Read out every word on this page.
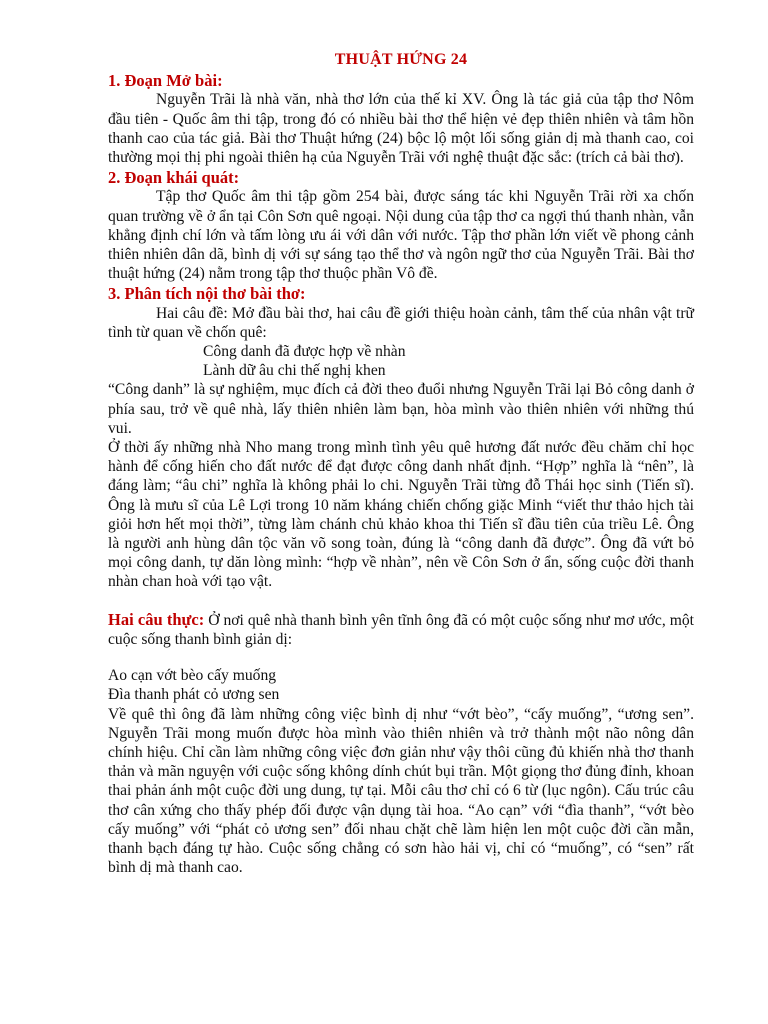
THUẬT HỨNG 24
1. Đoạn Mở bài:

Nguyễn Trãi là nhà văn, nhà thơ lớn của thế kỉ XV. Ông là tác giả của tập thơ Nôm đầu tiên - Quốc âm thi tập, trong đó có nhiều bài thơ thể hiện vẻ đẹp thiên nhiên và tâm hồn thanh cao của tác giả. Bài thơ Thuật hứng (24) bộc lộ một lối sống giản dị mà thanh cao, coi thường mọi thị phi ngoài thiên hạ của Nguyễn Trãi với nghệ thuật đặc sắc: (trích cả bài thơ).

2. Đoạn khái quát:

Tập thơ Quốc âm thi tập gồm 254 bài, được sáng tác khi Nguyễn Trãi rời xa chốn quan trường về ở ẩn tại Côn Sơn quê ngoại. Nội dung của tập thơ ca ngợi thú thanh nhàn, vẫn khẳng định chí lớn và tấm lòng ưu ái với dân với nước. Tập thơ phần lớn viết về phong cảnh thiên nhiên dân dã, bình dị với sự sáng tạo thể thơ và ngôn ngữ thơ của Nguyễn Trãi. Bài thơ thuật hứng (24) nằm trong tập thơ thuộc phần Vô đề.

3. Phân tích nội thơ bài thơ:

Hai câu đề: Mở đầu bài thơ, hai câu đề giới thiệu hoàn cảnh, tâm thế của nhân vật trữ tình từ quan về chốn quê:

Công danh đã được hợp về nhàn

Lành dữ âu chi thế nghị khen

“Công danh” là sự nghiệm, mục đích cả đời theo đuổi nhưng Nguyễn Trãi lại Bỏ công danh ở phía sau, trở về quê nhà, lấy thiên nhiên làm bạn, hòa mình vào thiên nhiên với những thú vui.

Ở thời ấy những nhà Nho mang trong mình tình yêu quê hương đất nước đều chăm chỉ học hành để cống hiến cho đất nước để đạt được công danh nhất định. “Hợp” nghĩa là “nên”, là đáng làm; “âu chi” nghĩa là không phải lo chi. Nguyễn Trãi từng đỗ Thái học sinh (Tiến sĩ). Ông là mưu sĩ của Lê Lợi trong 10 năm kháng chiến chống giặc Minh “viết thư thảo hịch tài giỏi hơn hết mọi thời”, từng làm chánh chủ khảo khoa thi Tiến sĩ đầu tiên của triều Lê. Ông là người anh hùng dân tộc văn võ song toàn, đúng là “công danh đã được”. Ông đã vứt bỏ mọi công danh, tự dăn lòng mình: “hợp về nhàn”, nên về Côn Sơn ở ẩn, sống cuộc đời thanh nhàn chan hoà với tạo vật.

Hai câu thực: Ở nơi quê nhà thanh bình yên tĩnh ông đã có một cuộc sống như mơ ước, một cuộc sống thanh bình giản dị:

Ao cạn vớt bèo cấy muống

Đìa thanh phát cỏ ương sen

Về quê thì ông đã làm những công việc bình dị như “vớt bèo”, “cấy muống”, “ương sen”. Nguyễn Trãi mong muốn được hòa mình vào thiên nhiên và trở thành một não nông dân chính hiệu. Chỉ cần làm những công việc đơn giản như vậy thôi cũng đủ khiến nhà thơ thanh thản và mãn nguyện với cuộc sống không dính chút bụi trần. Một giọng thơ đủng đỉnh, khoan thai phản ánh một cuộc đời ung dung, tự tại. Mỗi câu thơ chỉ có 6 từ (lục ngôn). Cấu trúc câu thơ cân xứng cho thấy phép đối được vận dụng tài hoa. “Ao cạn” với “đìa thanh”, “vớt bèo cấy muống” với “phát cỏ ương sen” đối nhau chặt chẽ làm hiện len một cuộc đời cần mẫn, thanh bạch đáng tự hào. Cuộc sống chẳng có sơn hào hải vị, chỉ có “muống”, có “sen” rất bình dị mà thanh cao.
